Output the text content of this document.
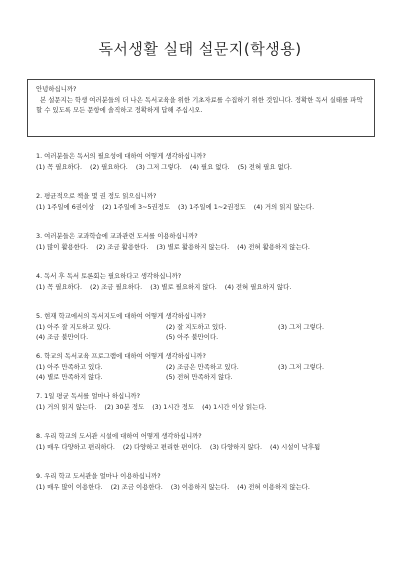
독서생활 실태 설문지(학생용)
안녕하십니까?
본 설문지는 학생 여러분들의 더 나은 독서교육을 위한 기초자료를 수집하기 위한 것입니다. 정확한 독서 실태를 파악할 수 있도록 모든 문항에 솔직하고 정확하게 답해 주십시오.
1. 여러분들은 독서의 필요성에 대하여 어떻게 생각하십니까?
(1) 꼭 필요하다. (2) 필요하다. (3) 그저 그렇다. (4) 필요 없다. (5) 전혀 필요 없다.
2. 평균적으로 책을 몇 권 정도 읽으십니까?
(1) 1주일에 6권이상 (2) 1주일에 3~5권정도 (3) 1주일에 1~2권정도 (4) 거의 읽지 않는다.
3. 여러분들은 교과학습에 교과관련 도서를 이용하십니까?
(1) 많이 활용한다. (2) 조금 활용한다. (3) 별로 활용하지 않는다. (4) 전혀 활용하지 않는다.
4. 독서 후 독서 토론회는 필요하다고 생각하십니까?
(1) 꼭 필요하다. (2) 조금 필요하다. (3) 별로 필요하지 않다. (4) 전혀 필요하지 않다.
5. 현재 학교에서의 독서지도에 대하여 어떻게 생각하십니까?
(1) 아주 잘 지도하고 있다.	(2) 잘 지도하고 있다.	(3) 그저 그렇다.
(4) 조금 불만이다.	(5) 아주 불만이다.
6. 학교의 독서교육 프로그램에 대하여 어떻게 생각하십니까?
(1) 아주 만족하고 있다.	(2) 조금은 만족하고 있다.	(3) 그저 그렇다.
(4) 별로 만족하지 않다.	(5) 전혀 만족하지 않다.
7. 1일 평균 독서를 얼마나 하십니까?
(1) 거의 읽지 않는다. (2) 30분 정도 (3) 1시간 정도 (4) 1시간 이상 읽는다.
8. 우리 학교의 도서관 시설에 대하여 어떻게 생각하십니까?
(1) 매우 다양하고 편리하다. (2) 다양하고 편리한 편이다. (3) 다양하지 않다. (4) 시설이 낙후됨
9. 우리 학교 도서관을 얼마나 이용하십니까?
(1) 매우 많이 이용한다. (2) 조금 이용한다. (3) 이용하지 않는다. (4) 전혀 이용하지 않는다.
